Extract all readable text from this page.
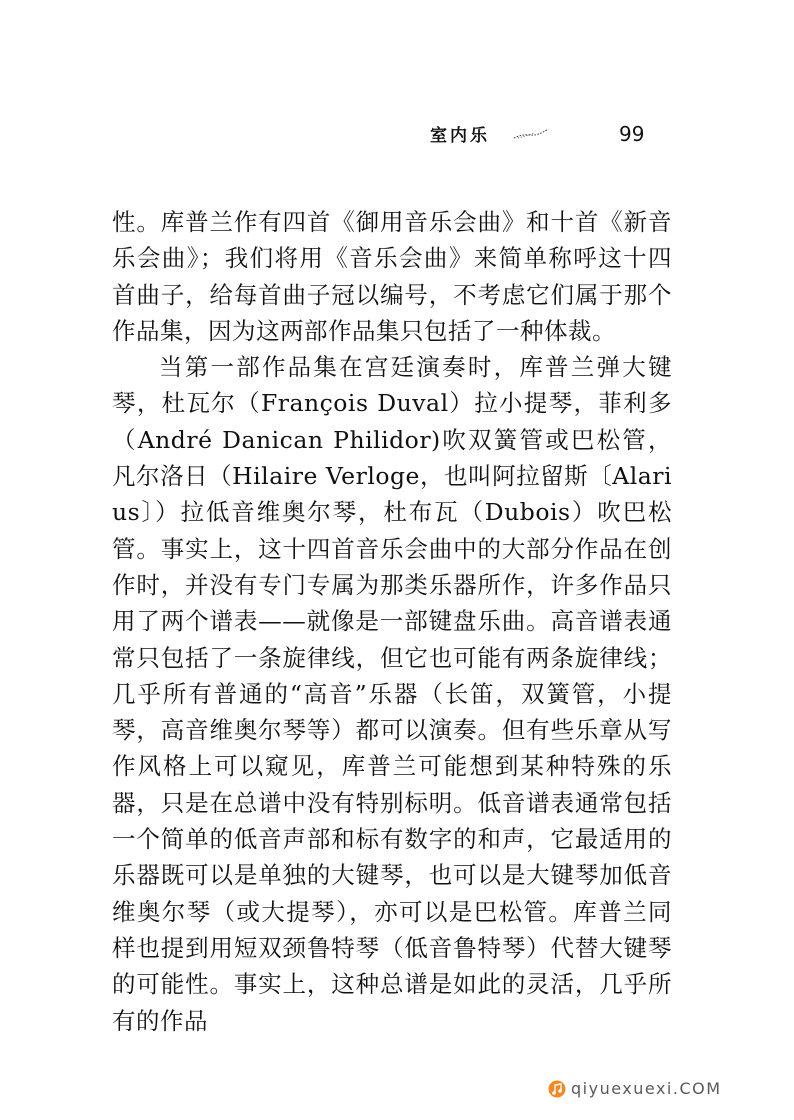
室内乐	99

性。库普兰作有四首《御用音乐会曲》和十首《新音乐会曲》；我们将用《音乐会曲》来简单称呼这十四首曲子，给每首曲子冠以编号，不考虑它们属于那个作品集，因为这两部作品集只包括了一种体裁。

当第一部作品集在宫廷演奏时，库普兰弹大键琴，杜瓦尔（François Duval）拉小提琴，菲利多（André Danican Philidor)吹双簧管或巴松管，凡尔洛日（Hilaire Verloge，也叫阿拉留斯〔Alarius〕）拉低音维奥尔琴，杜布瓦（Dubois）吹巴松管。事实上，这十四首音乐会曲中的大部分作品在创作时，并没有专门专属为那类乐器所作，许多作品只用了两个谱表——就像是一部键盘乐曲。高音谱表通常只包括了一条旋律线，但它也可能有两条旋律线；几乎所有普通的“高音”乐器（长笛，双簧管，小提琴，高音维奥尔琴等）都可以演奏。但有些乐章从写作风格上可以窥见，库普兰可能想到某种特殊的乐器，只是在总谱中没有特别标明。低音谱表通常包括一个简单的低音声部和标有数字的和声，它最适用的乐器既可以是单独的大键琴，也可以是大键琴加低音维奥尔琴（或大提琴），亦可以是巴松管。库普兰同样也提到用短双颈鲁特琴（低音鲁特琴）代替大键琴的可能性。事实上，这种总谱是如此的灵活，几乎所有的作品

qiyuexuexi.COM
